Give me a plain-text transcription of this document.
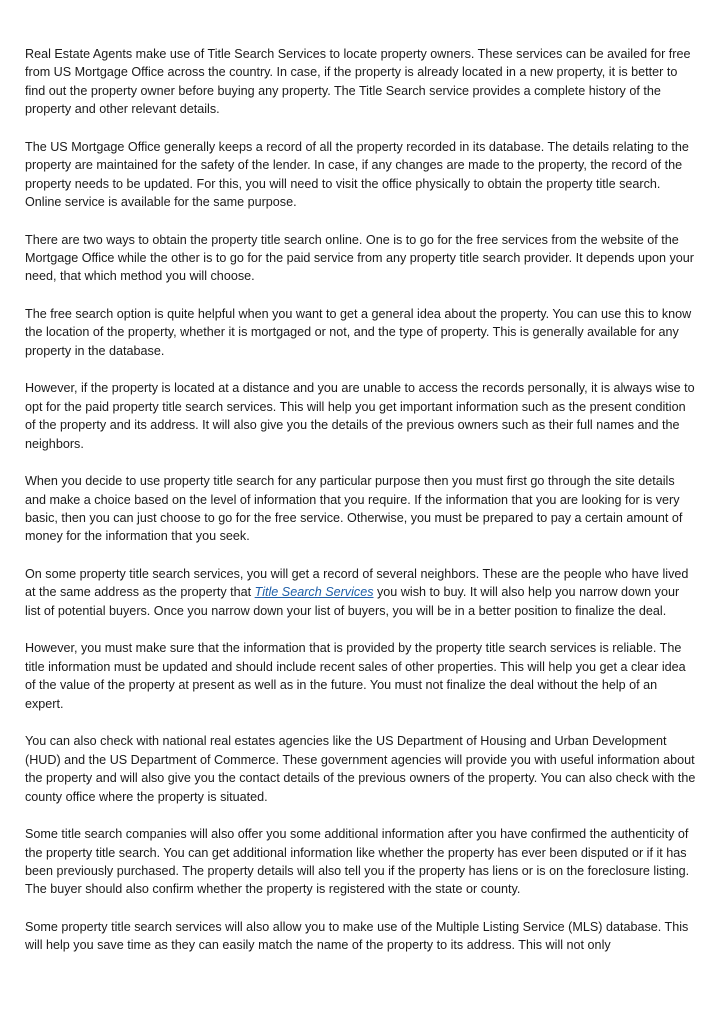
Real Estate Agents make use of Title Search Services to locate property owners. These services can be availed for free from US Mortgage Office across the country. In case, if the property is already located in a new property, it is better to find out the property owner before buying any property. The Title Search service provides a complete history of the property and other relevant details.

The US Mortgage Office generally keeps a record of all the property recorded in its database. The details relating to the property are maintained for the safety of the lender. In case, if any changes are made to the property, the record of the property needs to be updated. For this, you will need to visit the office physically to obtain the property title search. Online service is available for the same purpose.

There are two ways to obtain the property title search online. One is to go for the free services from the website of the Mortgage Office while the other is to go for the paid service from any property title search provider. It depends upon your need, that which method you will choose.

The free search option is quite helpful when you want to get a general idea about the property. You can use this to know the location of the property, whether it is mortgaged or not, and the type of property. This is generally available for any property in the database.

However, if the property is located at a distance and you are unable to access the records personally, it is always wise to opt for the paid property title search services. This will help you get important information such as the present condition of the property and its address. It will also give you the details of the previous owners such as their full names and the neighbors.

When you decide to use property title search for any particular purpose then you must first go through the site details and make a choice based on the level of information that you require. If the information that you are looking for is very basic, then you can just choose to go for the free service. Otherwise, you must be prepared to pay a certain amount of money for the information that you seek.

On some property title search services, you will get a record of several neighbors. These are the people who have lived at the same address as the property that Title Search Services you wish to buy. It will also help you narrow down your list of potential buyers. Once you narrow down your list of buyers, you will be in a better position to finalize the deal.

However, you must make sure that the information that is provided by the property title search services is reliable. The title information must be updated and should include recent sales of other properties. This will help you get a clear idea of the value of the property at present as well as in the future. You must not finalize the deal without the help of an expert.

You can also check with national real estates agencies like the US Department of Housing and Urban Development (HUD) and the US Department of Commerce. These government agencies will provide you with useful information about the property and will also give you the contact details of the previous owners of the property. You can also check with the county office where the property is situated.

Some title search companies will also offer you some additional information after you have confirmed the authenticity of the property title search. You can get additional information like whether the property has ever been disputed or if it has been previously purchased. The property details will also tell you if the property has liens or is on the foreclosure listing. The buyer should also confirm whether the property is registered with the state or county.

Some property title search services will also allow you to make use of the Multiple Listing Service (MLS) database. This will help you save time as they can easily match the name of the property to its address. This will not only
